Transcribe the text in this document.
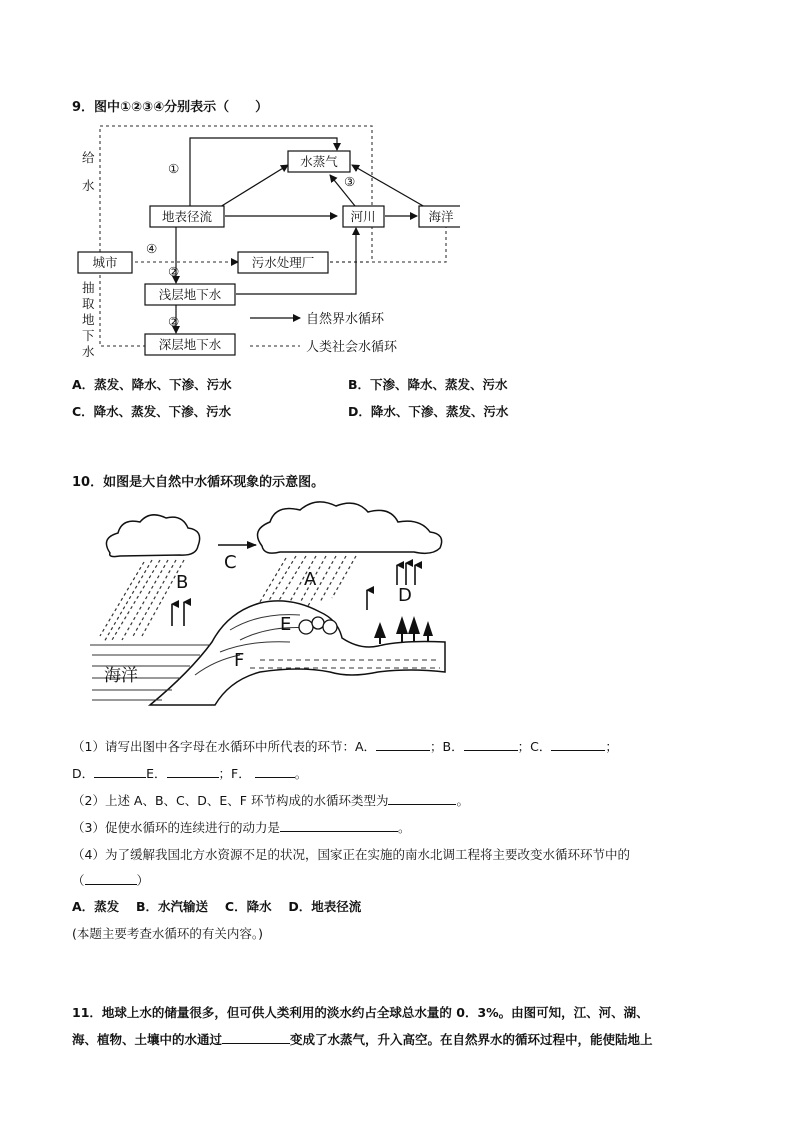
9．图中①②③④分别表示（　　）
水蒸气
地表径流	河川	海洋
城市	污水处理厂
浅层地下水
深层地下水
①
③
④
②
②
给
水
抽
取
地
下
水
自然界水循环
人类社会水循环
A．蒸发、降水、下渗、污水	B．下渗、降水、蒸发、污水
C．降水、蒸发、下渗、污水	D．降水、下渗、蒸发、污水
10．如图是大自然中水循环现象的示意图。
B
C
A
D
E
F
海洋
（1）请写出图中各字母在水循环中所代表的环节：A．	；B．	；C．	；
D．	E．	；F．	。
（2）上述 A、B、C、D、E、F 环节构成的水循环类型为	。
（3）促使水循环的连续进行的动力是	。
（4）为了缓解我国北方水资源不足的状况，国家正在实施的南水北调工程将主要改变水循环环节中的
（	）
A．蒸发　 B．水汽输送　 C．降水　 D．地表径流
(本题主要考查水循环的有关内容。)
11．地球上水的储量很多，但可供人类利用的淡水约占全球总水量的 0．3%。由图可知，江、河、湖、
海、植物、土壤中的水通过	变成了水蒸气，升入高空。在自然界水的循环过程中，能使陆地上
